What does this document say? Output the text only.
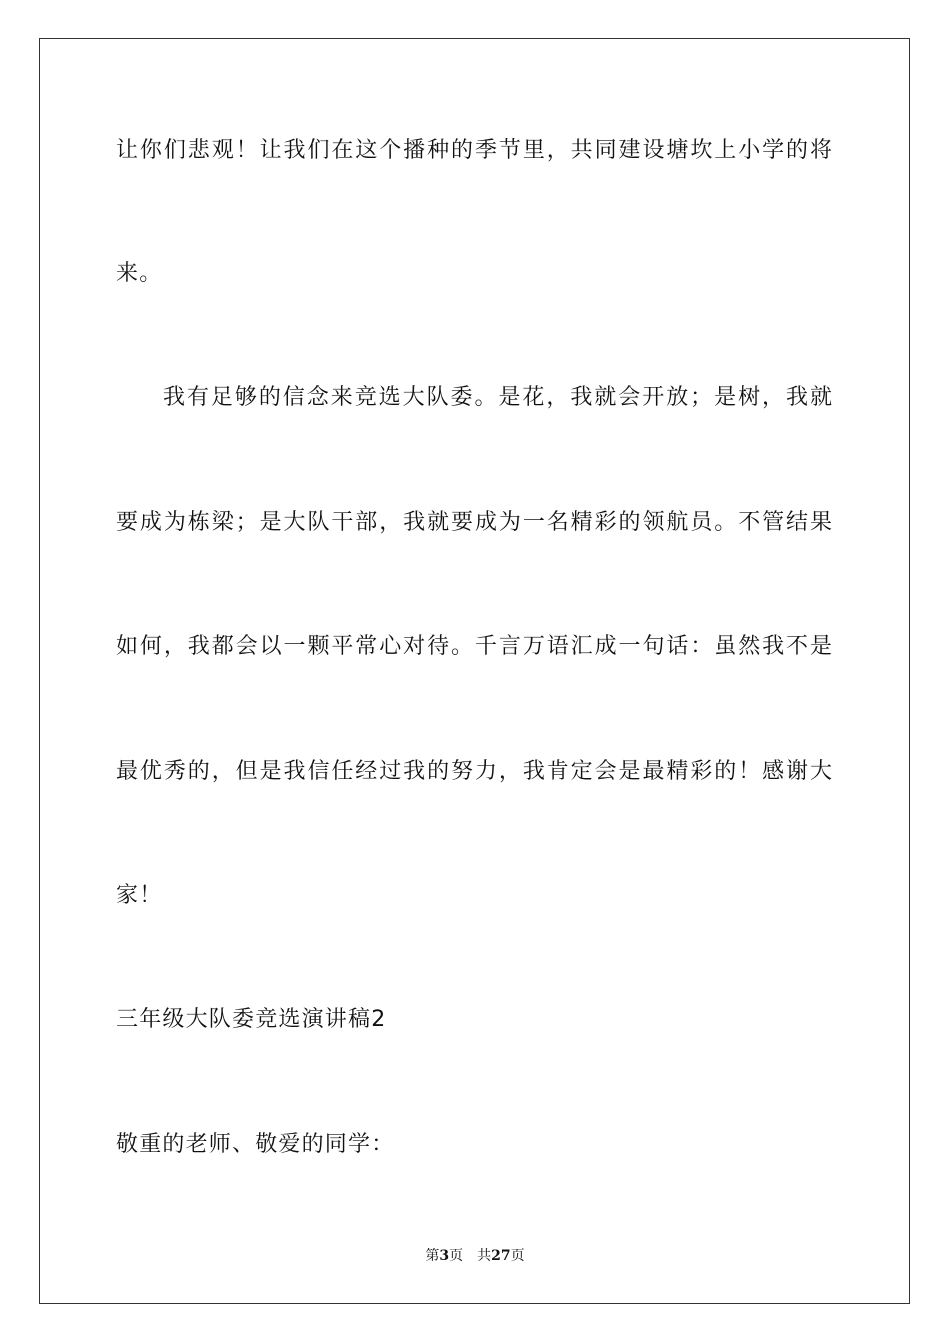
让你们悲观！让我们在这个播种的季节里，共同建设塘坎上小学的将
来。
我有足够的信念来竞选大队委。是花，我就会开放；是树，我就
要成为栋梁；是大队干部，我就要成为一名精彩的领航员。不管结果
如何，我都会以一颗平常心对待。千言万语汇成一句话：虽然我不是
最优秀的，但是我信任经过我的努力，我肯定会是最精彩的！感谢大
家！
三年级大队委竞选演讲稿2
敬重的老师、敬爱的同学：
第3页 共27页
